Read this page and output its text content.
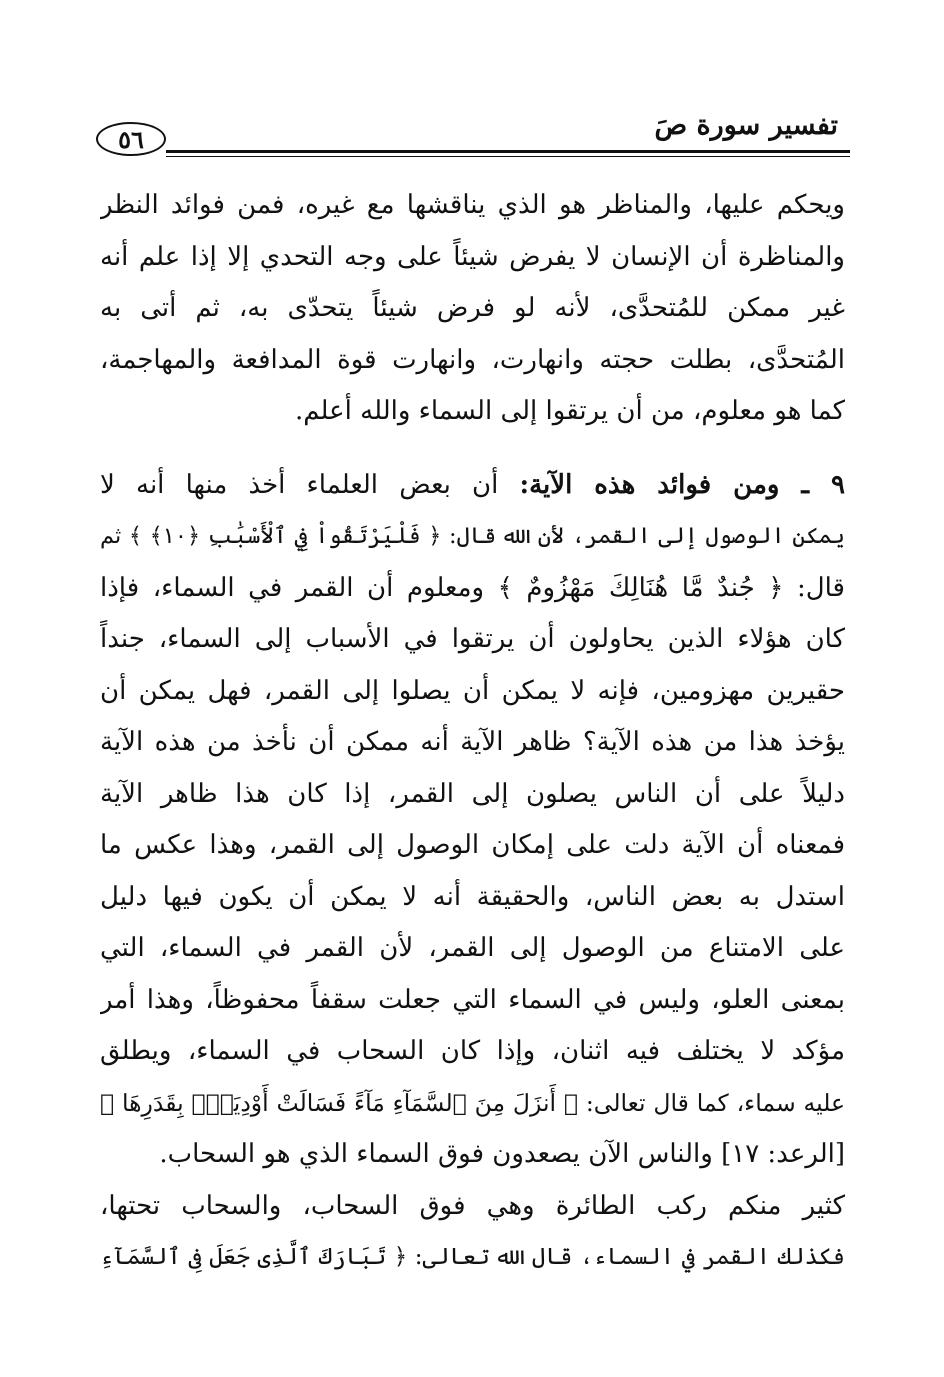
تفسير سورة صَ
٥٦
ويحكم عليها، والمناظر هو الذي يناقشها مع غيره، فمن فوائد النظر
والمناظرة أن الإنسان لا يفرض شيئاً على وجه التحدي إلا إذا علم أنه
غير ممكن للمُتحدَّى، لأنه لو فرض شيئاً يتحدّى به، ثم أتى به
المُتحدَّى، بطلت حجته وانهارت، وانهارت قوة المدافعة والمهاجمة،
كما هو معلوم، من أن يرتقوا إلى السماء والله أعلم.
٩ ـ ومن فوائد هذه الآية: أن بعض العلماء أخذ منها أنه لا
يمكن الوصول إلى القمر، لأن الله قال: ﴿ فَلْيَرْتَقُواْ فِي ٱلْأَسْبَٰبِ ﴿١٠﴾ ﴾ ثم
قال: ﴿ جُندٌ مَّا هُنَالِكَ مَهْزُومٌ ﴾ ومعلوم أن القمر في السماء، فإذا
كان هؤلاء الذين يحاولون أن يرتقوا في الأسباب إلى السماء، جنداً
حقيرين مهزومين، فإنه لا يمكن أن يصلوا إلى القمر، فهل يمكن أن
يؤخذ هذا من هذه الآية؟ ظاهر الآية أنه ممكن أن نأخذ من هذه الآية
دليلاً على أن الناس يصلون إلى القمر، إذا كان هذا ظاهر الآية
فمعناه أن الآية دلت على إمكان الوصول إلى القمر، وهذا عكس ما
استدل به بعض الناس، والحقيقة أنه لا يمكن أن يكون فيها دليل
على الامتناع من الوصول إلى القمر، لأن القمر في السماء، التي
بمعنى العلو، وليس في السماء التي جعلت سقفاً محفوظاً، وهذا أمر
مؤكد لا يختلف فيه اثنان، وإذا كان السحاب في السماء، ويطلق
عليه سماء، كما قال تعالى: ﴿ أَنزَلَ مِنَ ٱلسَّمَآءِ مَآءً فَسَالَتْ أَوْدِيَةُۢ بِقَدَرِهَا ﴾
[الرعد: ١٧] والناس الآن يصعدون فوق السماء الذي هو السحاب.
كثير منكم ركب الطائرة وهي فوق السحاب، والسحاب تحتها،
فكذلك القمر في السماء، قال الله تعالى: ﴿ تَبَارَكَ ٱلَّذِى جَعَلَ فِى ٱلسَّمَآءِ
